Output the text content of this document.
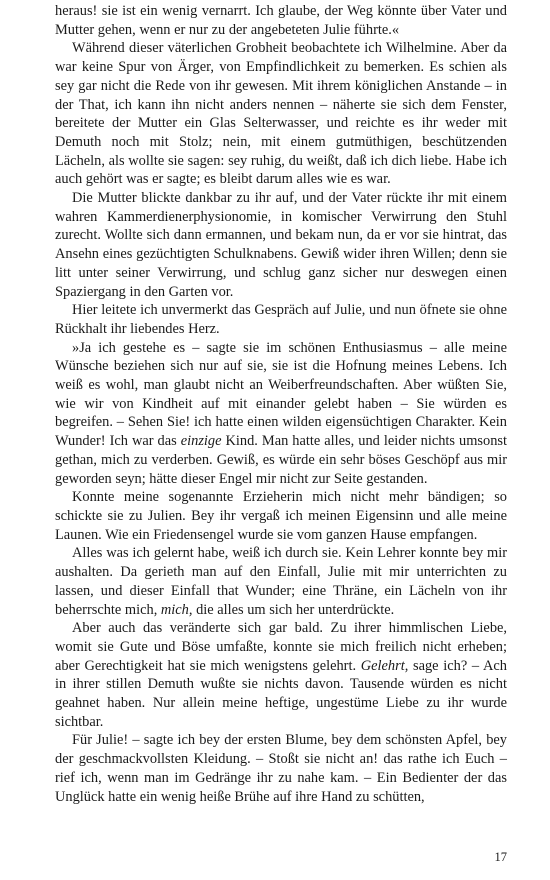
heraus! sie ist ein wenig vernarrt. Ich glaube, der Weg könnte über Vater und Mutter gehen, wenn er nur zu der angebeteten Julie führte.«

Während dieser väterlichen Grobheit beobachtete ich Wilhelmine. Aber da war keine Spur von Ärger, von Empfindlichkeit zu bemerken. Es schien als sey gar nicht die Rede von ihr gewesen. Mit ihrem königlichen Anstande – in der That, ich kann ihn nicht anders nennen – näherte sie sich dem Fenster, bereitete der Mutter ein Glas Selterwasser, und reichte es ihr weder mit Demuth noch mit Stolz; nein, mit einem gutmüthigen, beschützenden Lächeln, als wollte sie sagen: sey ruhig, du weißt, daß ich dich liebe. Habe ich auch gehört was er sagte; es bleibt darum alles wie es war.

Die Mutter blickte dankbar zu ihr auf, und der Vater rückte ihr mit einem wahren Kammerdienerphysionomie, in komischer Verwirrung den Stuhl zurecht. Wollte sich dann ermannen, und bekam nun, da er vor sie hintrat, das Ansehn eines gezüchtigten Schulknabens. Gewiß wider ihren Willen; denn sie litt unter seiner Verwirrung, und schlug ganz sicher nur deswegen einen Spaziergang in den Garten vor.

Hier leitete ich unvermerkt das Gespräch auf Julie, und nun öfnete sie ohne Rückhalt ihr liebendes Herz.

»Ja ich gestehe es – sagte sie im schönen Enthusiasmus – alle meine Wünsche beziehen sich nur auf sie, sie ist die Hofnung meines Lebens. Ich weiß es wohl, man glaubt nicht an Weiberfreundschaften. Aber wüßten Sie, wie wir von Kindheit auf mit einander gelebt haben – Sie würden es begreifen. – Sehen Sie! ich hatte einen wilden eigensüchtigen Charakter. Kein Wunder! Ich war das einzige Kind. Man hatte alles, und leider nichts umsonst gethan, mich zu verderben. Gewiß, es würde ein sehr böses Geschöpf aus mir geworden seyn; hätte dieser Engel mir nicht zur Seite gestanden.

Konnte meine sogenannte Erzieherin mich nicht mehr bändigen; so schickte sie zu Julien. Bey ihr vergaß ich meinen Eigensinn und alle meine Launen. Wie ein Friedensengel wurde sie vom ganzen Hause empfangen.

Alles was ich gelernt habe, weiß ich durch sie. Kein Lehrer konnte bey mir aushalten. Da gerieth man auf den Einfall, Julie mit mir unterrichten zu lassen, und dieser Einfall that Wunder; eine Thräne, ein Lächeln von ihr beherrschte mich, mich, die alles um sich her unterdrückte.

Aber auch das veränderte sich gar bald. Zu ihrer himmlischen Liebe, womit sie Gute und Böse umfaßte, konnte sie mich freilich nicht erheben; aber Gerechtigkeit hat sie mich wenigstens gelehrt. Gelehrt, sage ich? – Ach in ihrer stillen Demuth wußte sie nichts davon. Tausende würden es nicht geahnet haben. Nur allein meine heftige, ungestüme Liebe zu ihr wurde sichtbar.

Für Julie! – sagte ich bey der ersten Blume, bey dem schönsten Apfel, bey der geschmackvollsten Kleidung. – Stoßt sie nicht an! das rathe ich Euch – rief ich, wenn man im Gedränge ihr zu nahe kam. – Ein Bedienter der das Unglück hatte ein wenig heiße Brühe auf ihre Hand zu schütten,

17
